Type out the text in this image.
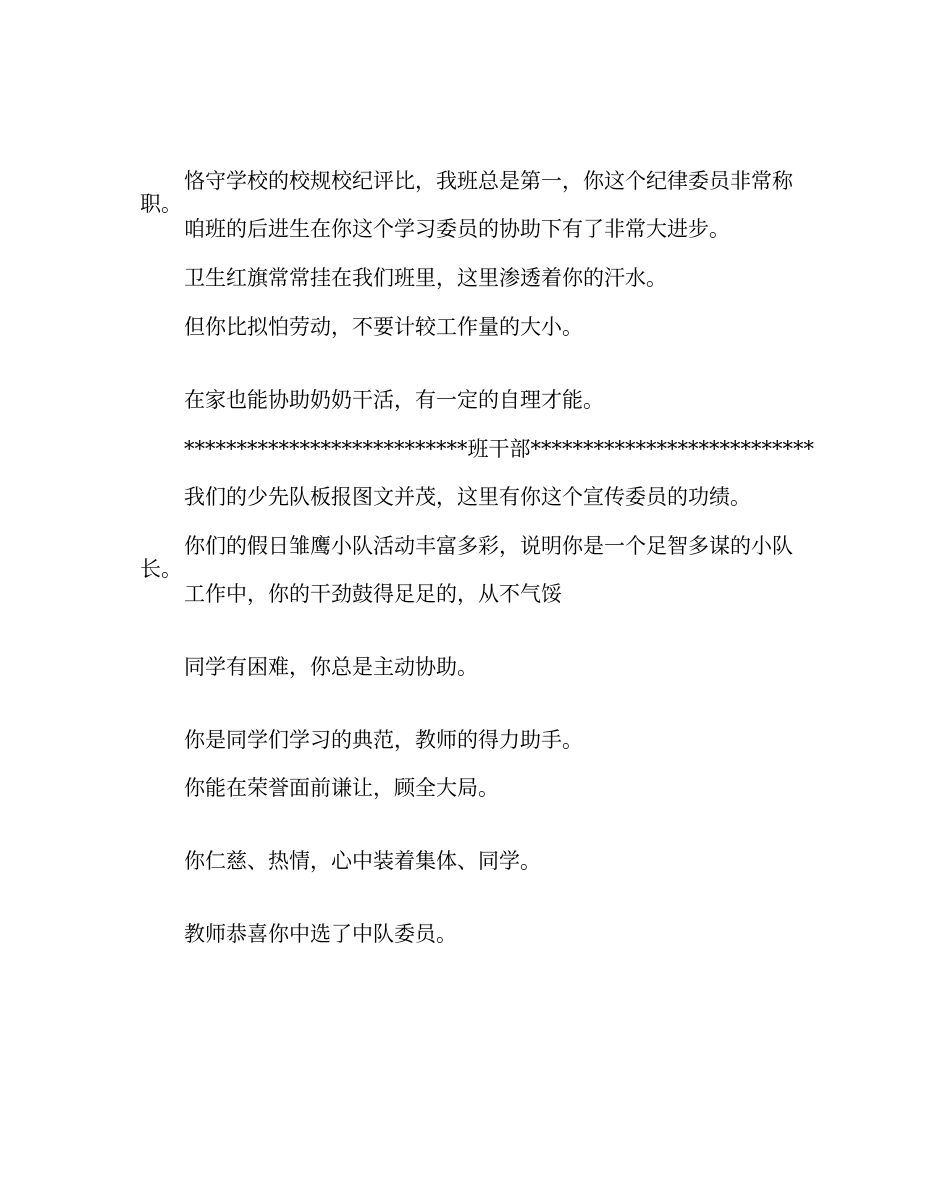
恪守学校的校规校纪评比，我班总是第一，你这个纪律委员非常称职。

咱班的后进生在你这个学习委员的协助下有了非常大进步。

卫生红旗常常挂在我们班里，这里渗透着你的汗水。

但你比拟怕劳动，不要计较工作量的大小。

在家也能协助奶奶干活，有一定的自理才能。

***************************班干部***************************

我们的少先队板报图文并茂，这里有你这个宣传委员的功绩。

你们的假日雏鹰小队活动丰富多彩，说明你是一个足智多谋的小队长。

工作中，你的干劲鼓得足足的，从不气馁

同学有困难，你总是主动协助。

你是同学们学习的典范，教师的得力助手。

你能在荣誉面前谦让，顾全大局。

你仁慈、热情，心中装着集体、同学。

教师恭喜你中选了中队委员。
